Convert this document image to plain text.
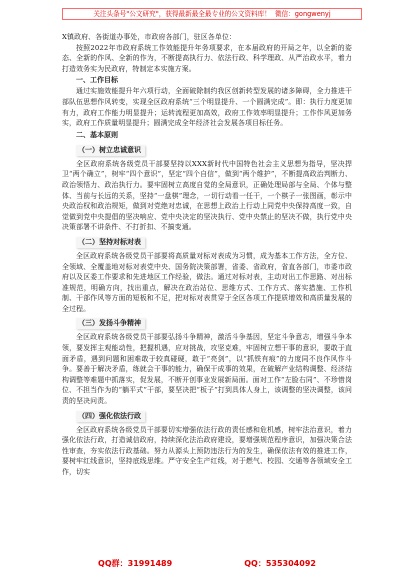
关注头条号"公文研究"，获得最新最全最专业的公文资料库！ 微信：gongwenyj

X镇政府、各街道办事处，市政府各部门，驻区各单位：

按照2022年市政府系统工作效能提升年务项要求，在本届政府的开局之年，以全新的姿态、全新的作风、全新的作为，不断提高执行力、依法行政、科学理政、从严治政水平，着力打造效务实为民政府，特制定本实施方案。

一、工作目标

通过实施效能提升年六项行动，全面破除制约我区创新转型发展的诸多障碍，全力推进干部队伍思想作风转变，实现全区政府系统“三个明显提升、一个圆满完成”。即：执行力度更加有力，政府工作能力明显提升；运转流程更加高效，政府工作效率明显提升；工作作风更加务实，政府工作质量明显提升；圆满完成全年经济社会发展各项目标任务。

二、基本原则
（一）树立忠诚意识

全区政府系统各级党员干部要坚持以XXX新时代中国特色社会主义思想为指导，坚决捍卫“两个确立”，树牢“四个意识”，坚定“四个自信”，做到“两个维护”，不断提高政治判断力、政治领悟力、政治执行力。要牢固树立高度自觉的全局意识，正确处理局部与全局、个体与整体、当前与长远的关系，坚持“一盘棋”理念，一切行动看一任干，一个棋子一张图画，彰示中央政治权和政治规矩，做到对党绝对忠诚，在思想上政治上行动上同党中央保持高度一致，自觉做到党中央提倡的坚决响应、党中央决定的坚决执行、党中央禁止的坚决不做，执行党中央决策部署不讲条件、不打折扣、不搞变通。

（二）坚持对标对表

全区政府系统各级党员干部要将高质量对标对表成为习惯，成为基本工作方法，全方位、全领域、全覆盖地对标对表党中央、国务院决策部署，省委、省政府，省直各部门，市委市政府以及区委工作要求和先进地区工作经验，做法。通过对标对表，主动对出工作思路、对出标准规范，明确方向，找出重点，解决在政治站位、思维方式、工作方式、落实措施、工作机制、干部作风等方面的短板和不足，把对标对表贯穿于全区各项工作提质增效和高质量发展的全过程。

（三）发扬斗争精神

全区政府系统各级党员干部要弘扬斗争精神，激活斗争基因，坚定斗争意志，增强斗争本领，要发挥主观能动性，把握机遇，应对挑战，攻坚克难，牢固树立想干事的意识，要敢于直面矛盾，遇到问题和困难敢于较真碰硬，敢于“亮剑”，以“抓铁有痕”的力度同不良作风作斗争。要善于解决矛盾，练就会干事的能力，确保干成事的效果，在破解产业结构调整、经济结构调整等难题中抓落实，促发展，不断开创事业发展新局面。面对工作“左脸右同”、不珍惜岗位、不担当作为的“躺平式”干部，要坚决把“板子”打到具体人身上，该调整的坚决调整，该问责的坚决问责。

（四）强化依法行政

全区政府系统各级党员干部要切实增强依法行政的责任感和危机感，树牢法治意识，着力强化依法行政，打造诚信政府，持续深化法治政府建设，要增强规范程序意识，加强决策合法性审查，夯实依法行政基础。努力从源头上预防违法行为的发生，确保依法有效的推进工作，要树牢红线意识，坚持底线思维。严守安全生产红线，对于燃气、校园、交通等各领域安全工作，切实

QQ群：31991489	QQ：535304092
